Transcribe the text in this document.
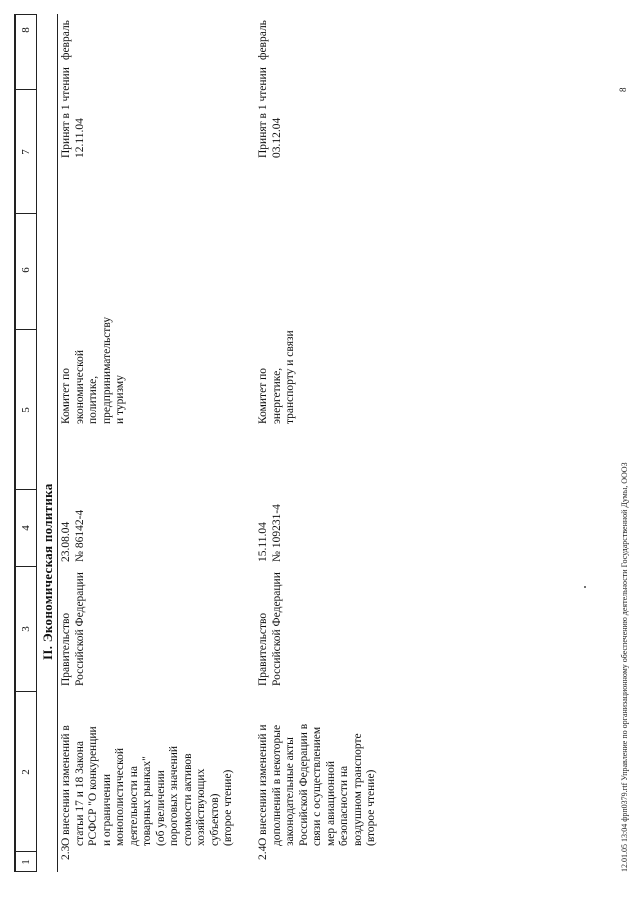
1
2
3
4
5
6
7
8
II. Экономическая политика
2.3
О внесении изменений в статьи 17 и 18 Закона РСФСР "О конкуренции и ограничении монополистической деятельности на товарных рынках" (об увеличении пороговых значений стоимости активов хозяйствующих субъектов) (второе чтение)
Правительство Российской Федерации
23.08.04 № 86142-4
Комитет по экономической политике, предпринимательству и туризму
Принят в 1 чтении 12.11.04
февраль
2.4
О внесении изменений и дополнений в некоторые законодательные акты Российской Федерации в связи с осуществлением мер авиационной безопасности на воздушном транспорте (второе чтение)
Правительство Российской Федерации
15.11.04 № 109231-4
Комитет по энергетике, транспорту и связи
Принят в 1 чтении 03.12.04
февраль
12.01.05 13:04 фрп0379.rtf Управление по организационному обеспечению деятельности Государственной Думы, ОООЗ
8
